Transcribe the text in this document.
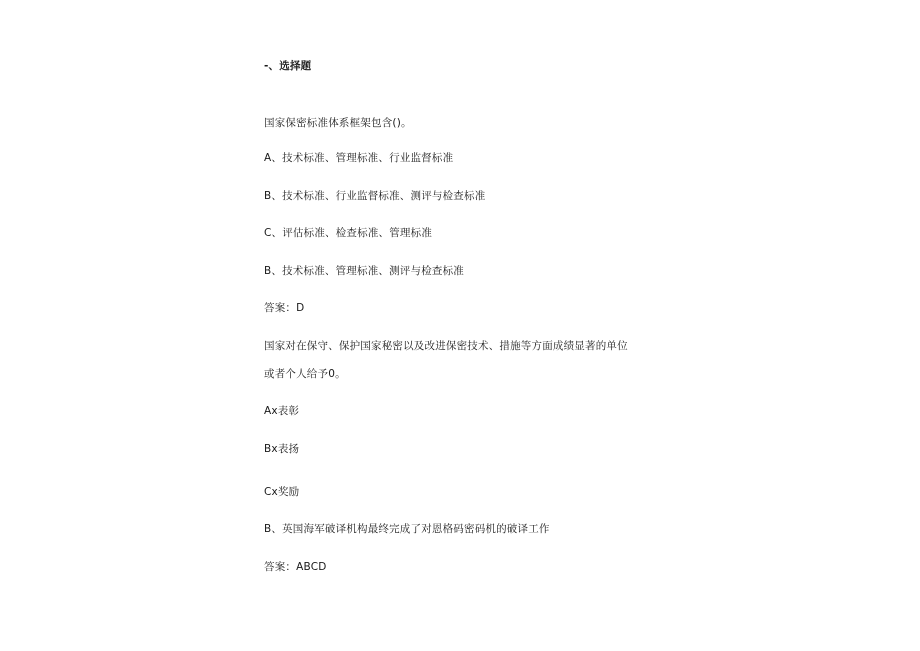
-、选择题
国家保密标准体系框架包含()。
A、技术标准、管理标准、行业监督标准
B、技术标准、行业监督标准、测评与检查标准
C、评估标准、检查标准、管理标准
B、技术标准、管理标准、测评与检查标准
答案：D
国家对在保守、保护国家秘密以及改进保密技术、措施等方面成绩显著的单位
或者个人给予0。
Ax表彰
Bx表扬
Cx奖励
B、英国海军破译机构最终完成了对恩格码密码机的破译工作
答案：ABCD
